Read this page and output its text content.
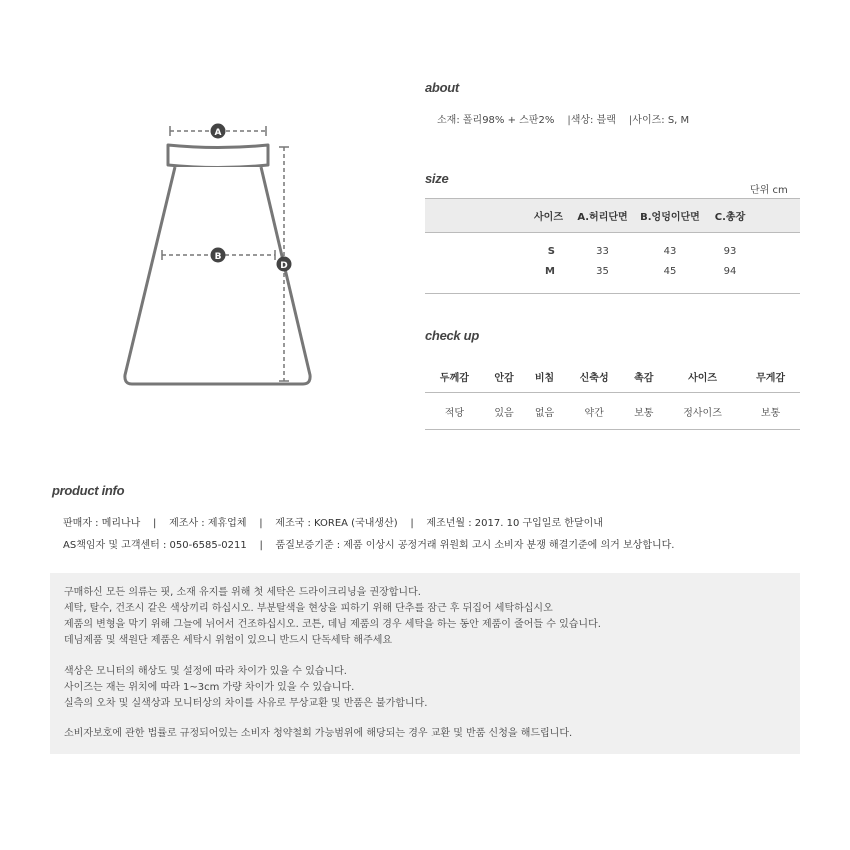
A
B
D
about
소재: 폴리98% + 스판2% |색상: 블랙 |사이즈: S, M
size
단위 cm
사이즈	A.허리단면	B.엉덩이단면	C.총장	

S	33	43	93	
M	35	45	94	

check up
두께감	안감	비침	신축성	촉감	사이즈	무게감
적당	있음	없음	약간	보통	정사이즈	보통
product info
판매자 : 메리나나    |    제조사 : 제휴업체    |    제조국 : KOREA (국내생산)    |    제조년월 : 2017. 10 구입일로 한달이내
AS책임자 및 고객센터 : 050-6585-0211    |    품질보증기준 : 제품 이상시 공정거래 위원회 고시 소비자 분쟁 해결기준에 의거 보상합니다.

구매하신 모든 의류는 핏, 소재 유지를 위해 첫 세탁은 드라이크리닝을 권장합니다.

세탁, 탈수, 건조시 같은 색상끼리 하십시오. 부분탈색을 현상을 피하기 위해 단추를 잠근 후 뒤집어 세탁하십시오

제품의 변형을 막기 위해 그늘에 뉘어서 건조하십시오. 코튼, 데님 제품의 경우 세탁을 하는 동안 제품이 줄어들 수 있습니다.

데님제품 및 색원단 제품은 세탁시 위험이 있으니 반드시 단독세탁 해주세요

색상은 모니터의 해상도 및 설정에 따라 차이가 있을 수 있습니다.

사이즈는 재는 위치에 따라 1~3cm 가량 차이가 있을 수 있습니다.

실측의 오차 및 실색상과 모니터상의 차이를 사유로 무상교환 및 반품은 불가합니다.

소비자보호에 관한 법률로 규정되어있는 소비자 청약철회 가능범위에 해당되는 경우 교환 및 반품 신청을 해드립니다.
